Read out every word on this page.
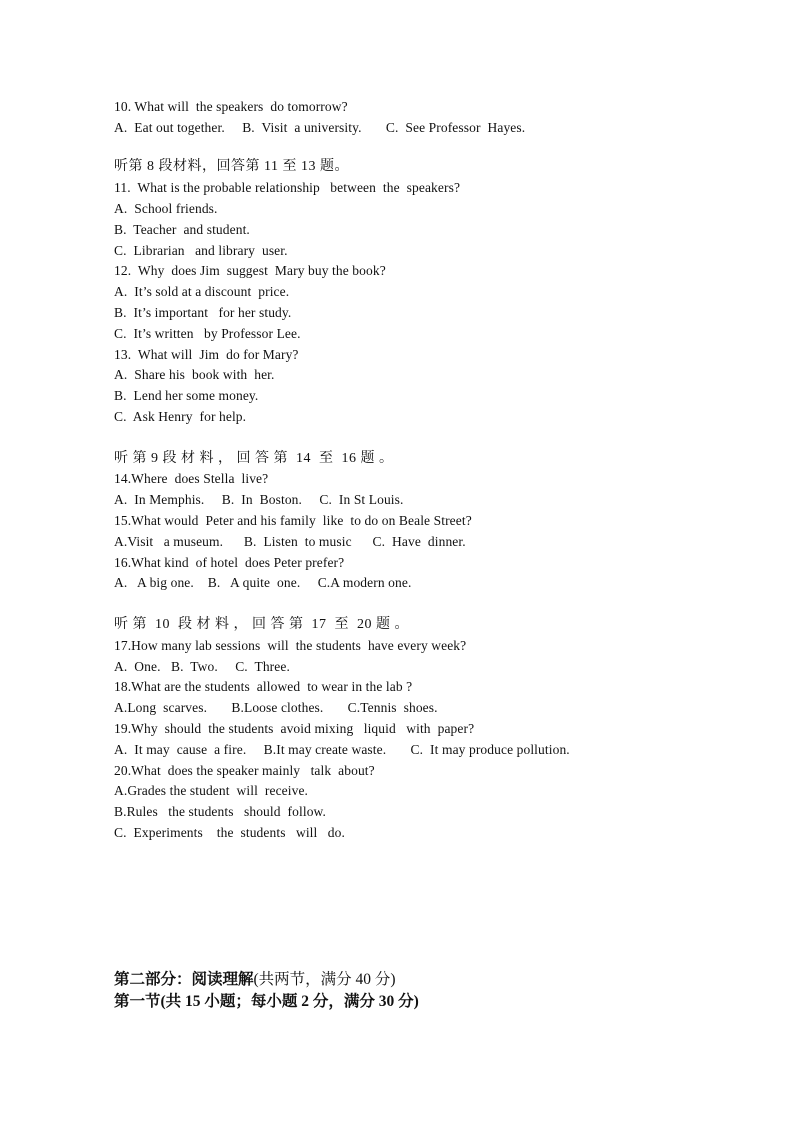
10. What will  the speakers  do tomorrow?
A.  Eat out together.     B.  Visit  a university.       C.  See Professor  Hayes.
听第 8 段材料，回答第 11 至 13 题。
11.  What is the probable relationship   between  the  speakers?
A.  School friends.
B.  Teacher  and student.
C.  Librarian   and library  user.
12.  Why  does Jim  suggest  Mary buy the book?
A.  It’s sold at a discount  price.
B.  It’s important   for her study.
C.  It’s written   by Professor Lee.
13.  What will  Jim  do for Mary?
A.  Share his  book with  her.
B.  Lend her some money.
C.  Ask Henry  for help.
听 第 9 段 材 料 ， 回 答 第  14  至  16 题 。
14.Where  does Stella  live?
A.  In Memphis.     B.  In  Boston.     C.  In St Louis.
15.What would  Peter and his family  like  to do on Beale Street?
A.Visit   a museum.      B.  Listen  to music      C.  Have  dinner.
16.What kind  of hotel  does Peter prefer?
A.   A big one.    B.   A quite  one.     C.A modern one.
听 第  10  段 材 料 ， 回 答 第  17  至  20 题 。
17.How many lab sessions  will  the students  have every week?
A.  One.   B.  Two.     C.  Three.
18.What are the students  allowed  to wear in the lab ?
A.Long  scarves.       B.Loose clothes.       C.Tennis  shoes.
19.Why  should  the students  avoid mixing   liquid   with  paper?
A.  It may  cause  a fire.     B.It may create waste.       C.  It may produce pollution.
20.What  does the speaker mainly   talk  about?
A.Grades the student  will  receive.
B.Rules   the students   should  follow.
C.  Experiments    the  students   will   do.
第二部分：阅读理解(共两节，满分 40 分)
第一节(共 15 小题；每小题 2 分，满分 30 分)
